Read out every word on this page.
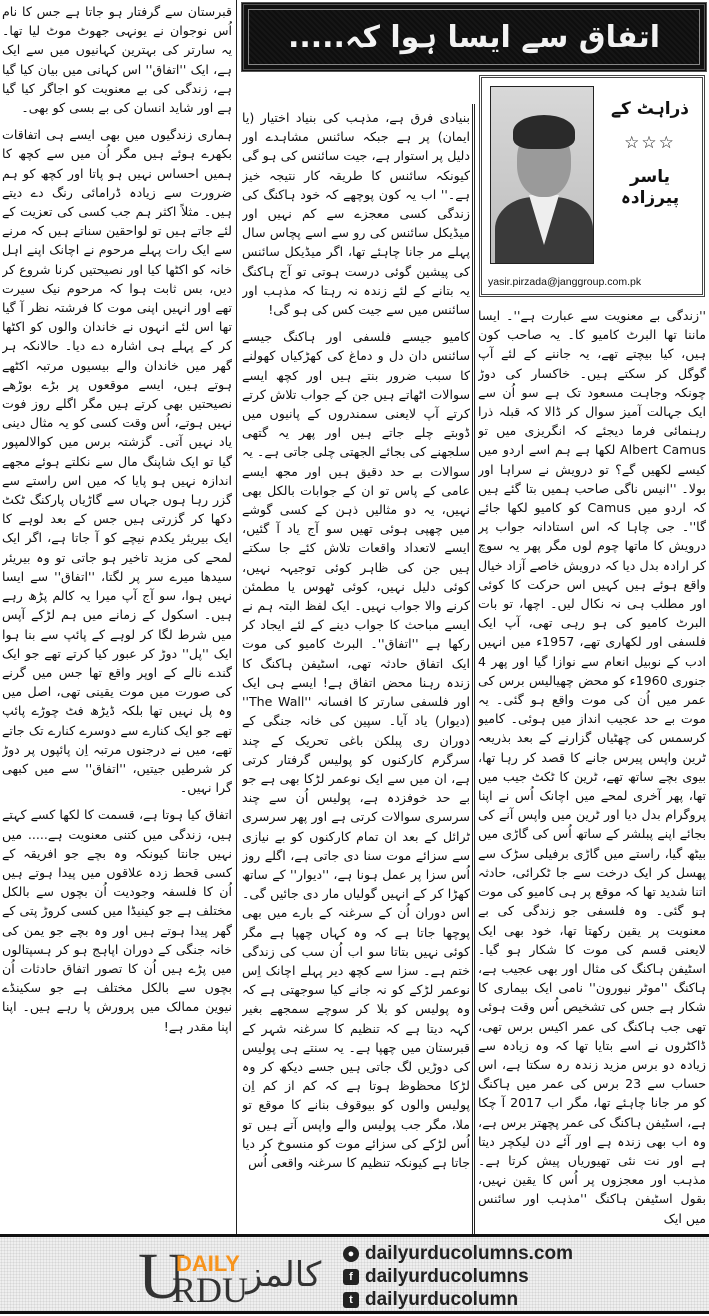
اتفاق سے ایسا ہوا کہ.....
ذراہٹ کے
☆☆☆
یاسر پیرزادہ
yasir.pirzada@janggroup.com.pk

''زندگی بے معنویت سے عبارت ہے''۔ ایسا ماننا تھا البرٹ کامیو کا۔ یہ صاحب کون ہیں، کیا بیچتے تھے، یہ جاننے کے لئے آپ گوگل کر سکتے ہیں۔ خاکسار کی دوڑ چونکہ وجاہت مسعود تک ہے سو اُن سے ایک جہالت آمیز سوال کر ڈالا کہ قبلہ ذرا رہنمائی فرما دیجئے کہ انگریزی میں تو Albert Camus لکھا ہے ہم اسے اردو میں کیسے لکھیں گے؟ تو درویش نے سراہا اور بولا۔ ''انیس ناگی صاحب ہمیں بتا گئے ہیں کہ اردو میں Camus کو کامیو لکھا جائے گا''۔ جی چاہا کہ اس استادانہ جواب پر درویش کا ماتھا چوم لوں مگر پھر یہ سوچ کر ارادہ بدل دیا کہ درویش خاصے آزاد خیال واقع ہوئے ہیں کہیں اس حرکت کا کوئی اور مطلب ہی نہ نکال لیں۔ اچھا، تو بات البرٹ کامیو کی ہو رہی تھی، آپ ایک فلسفی اور لکھاری تھے، 1957ء میں انہیں ادب کے نوبیل انعام سے نوازا گیا اور پھر 4 جنوری 1960ء کو محض چھیالیس برس کی عمر میں اُن کی موت واقع ہو گئی۔ یہ موت بے حد عجیب انداز میں ہوئی۔ کامیو کرسمس کی چھٹیاں گزارنے کے بعد بذریعہ ٹرین واپس پیرس جانے کا قصد کر رہا تھا، بیوی بچے ساتھ تھے، ٹرین کا ٹکٹ جیب میں تھا، پھر آخری لمحے میں اچانک اُس نے اپنا پروگرام بدل دیا اور ٹرین میں واپس آنے کی بجائے اپنے پبلشر کے ساتھ اُس کی گاڑی میں بیٹھ گیا، راستے میں گاڑی برفیلی سڑک سے پھسل کر ایک درخت سے جا ٹکرائی، حادثہ اتنا شدید تھا کہ موقع پر ہی کامیو کی موت ہو گئی۔ وہ فلسفی جو زندگی کی بے معنویت پر یقین رکھتا تھا، خود بھی ایک لایعنی قسم کی موت کا شکار ہو گیا۔ اسٹیفن ہاکنگ کی مثال اور بھی عجیب ہے، ہاکنگ ''موٹر نیورون'' نامی ایک بیماری کا شکار ہے جس کی تشخیص اُس وقت ہوئی تھی جب ہاکنگ کی عمر اکیس برس تھی، ڈاکٹروں نے اسے بتایا تھا کہ وہ زیادہ سے زیادہ دو برس مزید زندہ رہ سکتا ہے، اس حساب سے 23 برس کی عمر میں ہاکنگ کو مر جانا چاہئے تھا، مگر اب 2017 آ چکا ہے، اسٹیفن ہاکنگ کی عمر پچھتر برس ہے، وہ اب بھی زندہ ہے اور آئے دن لیکچر دیتا ہے اور نت نئی تھیوریاں پیش کرتا ہے۔ مذہب اور معجزوں پر اُس کا یقین نہیں، بقول اسٹیفن ہاکنگ ''مذہب اور سائنس میں ایک

بنیادی فرق ہے، مذہب کی بنیاد اختیار (یا ایمان) پر ہے جبکہ سائنس مشاہدے اور دلیل پر استوار ہے، جیت سائنس کی ہو گی کیونکہ سائنس کا طریقہ کار نتیجہ خیز ہے۔'' اب یہ کون پوچھے کہ خود ہاکنگ کی زندگی کسی معجزے سے کم نہیں اور میڈیکل سائنس کی رو سے اسے پچاس سال پہلے مر جانا چاہئے تھا، اگر میڈیکل سائنس کی پیشین گوئی درست ہوتی تو آج ہاکنگ یہ بتانے کے لئے زندہ نہ رہتا کہ مذہب اور سائنس میں سے جیت کس کی ہو گی!

کامیو جیسے فلسفی اور ہاکنگ جیسے سائنس دان دل و دماغ کی کھڑکیاں کھولنے کا سبب ضرور بنتے ہیں اور کچھ ایسے سوالات اٹھاتے ہیں جن کے جواب تلاش کرتے کرتے آپ لایعنی سمندروں کے پانیوں میں ڈوبتے چلے جاتے ہیں اور پھر یہ گتھی سلجھنے کی بجائے الجھتی چلی جاتی ہے۔ یہ سوالات بے حد دقیق ہیں اور مجھ ایسے عامی کے پاس تو ان کے جوابات بالکل بھی نہیں، یہ دو مثالیں ذہن کے کسی گوشے میں چھپی ہوئی تھیں سو آج یاد آ گئیں، ایسے لاتعداد واقعات تلاش کئے جا سکتے ہیں جن کی ظاہر کوئی توجیہہ نہیں، کوئی دلیل نہیں، کوئی ٹھوس یا مطمئن کرنے والا جواب نہیں۔ ایک لفظ البتہ ہم نے ایسے مباحث کا جواب دینے کے لئے ایجاد کر رکھا ہے ''اتفاق''۔ البرٹ کامیو کی موت ایک اتفاق حادثہ تھی، اسٹیفن ہاکنگ کا زندہ رہنا محض اتفاق ہے! ایسے ہی ایک اور فلسفی سارتر کا افسانہ ''The Wall'' (دیوار) یاد آیا۔ سپین کی خانہ جنگی کے دوران ری پبلکن باغی تحریک کے چند سرگرم کارکنوں کو پولیس گرفتار کرتی ہے، ان میں سے ایک نوعمر لڑکا بھی ہے جو بے حد خوفزدہ ہے، پولیس اُن سے چند سرسری سوالات کرتی ہے اور پھر سرسری ٹرائل کے بعد ان تمام کارکنوں کو بے نیازی سے سزائے موت سنا دی جاتی ہے، اگلے روز اُس سزا پر عمل ہونا ہے، ''دیوار'' کے ساتھ کھڑا کر کے انہیں گولیاں مار دی جائیں گی۔ اس دوران اُن کے سرغنہ کے بارے میں بھی پوچھا جاتا ہے کہ وہ کہاں چھپا ہے مگر کوئی نہیں بتاتا سو اب اُن سب کی زندگی ختم ہے۔ سزا سے کچھ دیر پہلے اچانک اِس نوعمر لڑکے کو نہ جانے کیا سوجھتی ہے کہ وہ پولیس کو بلا کر سوچے سمجھے بغیر کہہ دیتا ہے کہ تنظیم کا سرغنہ شہر کے قبرستان میں چھپا ہے۔ یہ سنتے ہی پولیس کی دوڑیں لگ جاتی ہیں جسے دیکھ کر وہ لڑکا محظوظ ہوتا ہے کہ کم از کم اِن پولیس والوں کو بیوقوف بنانے کا موقع تو ملا، مگر جب پولیس والے واپس آتے ہیں تو اُس لڑکے کی سزائے موت کو منسوخ کر دیا جاتا ہے کیونکہ تنظیم کا سرغنہ واقعی اُس

قبرستان سے گرفتار ہو جاتا ہے جس کا نام اُس نوجوان نے یونہی جھوٹ موٹ لیا تھا۔ یہ سارتر کی بہترین کہانیوں میں سے ایک ہے، ایک ''اتفاق'' اس کہانی میں بیان کیا گیا ہے، زندگی کی بے معنویت کو اجاگر کیا گیا ہے اور شاید انسان کی بے بسی کو بھی۔

ہماری زندگیوں میں بھی ایسے ہی اتفاقات بکھرے ہوئے ہیں مگر اُن میں سے کچھ کا ہمیں احساس نہیں ہو پاتا اور کچھ کو ہم ضرورت سے زیادہ ڈرامائی رنگ دے دیتے ہیں۔ مثلاً اکثر ہم جب کسی کی تعزیت کے لئے جاتے ہیں تو لواحقین سناتے ہیں کہ مرنے سے ایک رات پہلے مرحوم نے اچانک اپنے اہل خانہ کو اکٹھا کیا اور نصیحتیں کرنا شروع کر دیں، بس ثابت ہوا کہ مرحوم نیک سیرت تھے اور انہیں اپنی موت کا فرشتہ نظر آ گیا تھا اس لئے انہوں نے خاندان والوں کو اکٹھا کر کے پہلے ہی اشارہ دے دیا۔ حالانکہ ہر گھر میں خاندان والے بیسیوں مرتبہ اکٹھے ہوتے ہیں، ایسے موقعوں پر بڑے بوڑھے نصیحتیں بھی کرتے ہیں مگر اگلے روز فوت نہیں ہوتے، اُس وقت کسی کو یہ مثال دینی یاد نہیں آتی۔ گزشتہ برس میں کوالالمپور گیا تو ایک شاپنگ مال سے نکلتے ہوئے مجھے اندازہ نہیں ہو پایا کہ میں اس راستے سے گزر رہا ہوں جہاں سے گاڑیاں پارکنگ ٹکٹ دکھا کر گزرتی ہیں جس کے بعد لوہے کا ایک بیریئر یکدم نیچے کو آ جاتا ہے، اگر ایک لمحے کی مزید تاخیر ہو جاتی تو وہ بیریئر سیدھا میرے سر پر لگتا، ''اتفاق'' سے ایسا نہیں ہوا، سو آج آپ میرا یہ کالم پڑھ رہے ہیں۔ اسکول کے زمانے میں ہم لڑکے آپس میں شرط لگا کر لوہے کے پائپ سے بنا ہوا ایک ''پل'' دوڑ کر عبور کیا کرتے تھے جو ایک گندے نالے کے اوپر واقع تھا جس میں گرنے کی صورت میں موت یقینی تھی، اصل میں وہ پل نہیں تھا بلکہ ڈیڑھ فٹ چوڑے پائپ تھے جو ایک کنارے سے دوسرے کنارے تک جاتے تھے، میں نے درجنوں مرتبہ اِن پائپوں پر دوڑ کر شرطیں جیتیں، ''اتفاق'' سے میں کبھی گرا نہیں۔

اتفاق کیا ہوتا ہے، قسمت کا لکھا کسے کہتے ہیں، زندگی میں کتنی معنویت ہے..... میں نہیں جانتا کیونکہ وہ بچے جو افریقہ کے کسی قحط زدہ علاقوں میں پیدا ہوتے ہیں اُن کا فلسفہ وجودیت اُن بچوں سے بالکل مختلف ہے جو کینیڈا میں کسی کروڑ پتی کے گھر پیدا ہوتے ہیں اور وہ بچے جو یمن کی خانہ جنگی کے دوران اپاہج ہو کر ہسپتالوں میں پڑے ہیں اُن کا تصور اتفاق حادثات اُن بچوں سے بالکل مختلف ہے جو سکینڈے نیوین ممالک میں پرورش پا رہے ہیں۔ اپنا اپنا مقدر ہے!

U
RDU
DAILY کالمز
● dailyurducolumns.com
f dailyurducolumns
t dailyurducolumn
